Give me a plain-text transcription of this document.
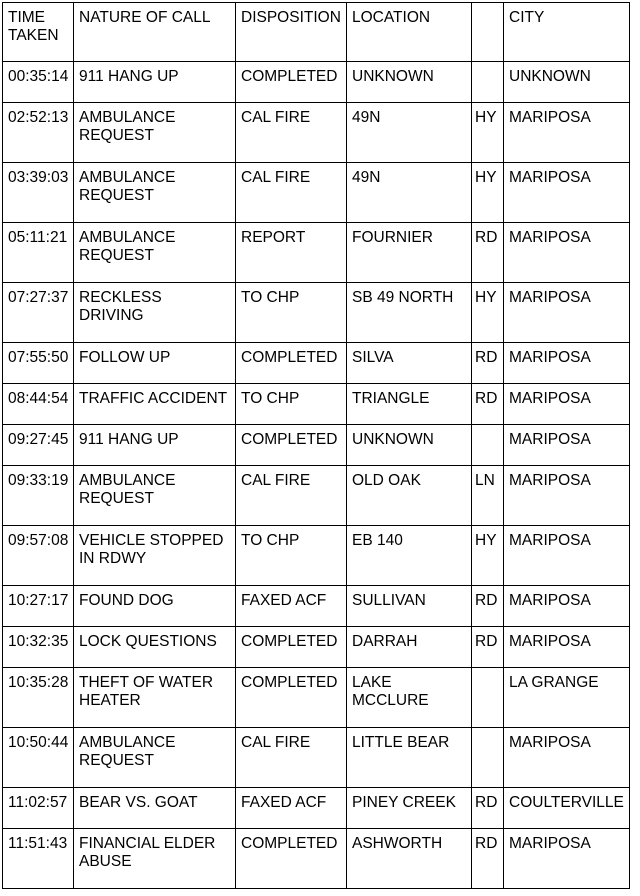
TIME
TAKEN	NATURE OF CALL	DISPOSITION	LOCATION		CITY
00:35:14	911 HANG UP	COMPLETED	UNKNOWN		UNKNOWN
02:52:13	AMBULANCE
REQUEST	CAL FIRE	49N	HY	MARIPOSA
03:39:03	AMBULANCE
REQUEST	CAL FIRE	49N	HY	MARIPOSA
05:11:21	AMBULANCE
REQUEST	REPORT	FOURNIER	RD	MARIPOSA
07:27:37	RECKLESS
DRIVING	TO CHP	SB 49 NORTH	HY	MARIPOSA
07:55:50	FOLLOW UP	COMPLETED	SILVA	RD	MARIPOSA
08:44:54	TRAFFIC ACCIDENT	TO CHP	TRIANGLE	RD	MARIPOSA
09:27:45	911 HANG UP	COMPLETED	UNKNOWN		MARIPOSA
09:33:19	AMBULANCE
REQUEST	CAL FIRE	OLD OAK	LN	MARIPOSA
09:57:08	VEHICLE STOPPED
IN RDWY	TO CHP	EB 140	HY	MARIPOSA
10:27:17	FOUND DOG	FAXED ACF	SULLIVAN	RD	MARIPOSA
10:32:35	LOCK QUESTIONS	COMPLETED	DARRAH	RD	MARIPOSA
10:35:28	THEFT OF WATER
HEATER	COMPLETED	LAKE
MCCLURE		LA GRANGE
10:50:44	AMBULANCE
REQUEST	CAL FIRE	LITTLE BEAR		MARIPOSA
11:02:57	BEAR VS. GOAT	FAXED ACF	PINEY CREEK	RD	COULTERVILLE
11:51:43	FINANCIAL ELDER
ABUSE	COMPLETED	ASHWORTH	RD	MARIPOSA
